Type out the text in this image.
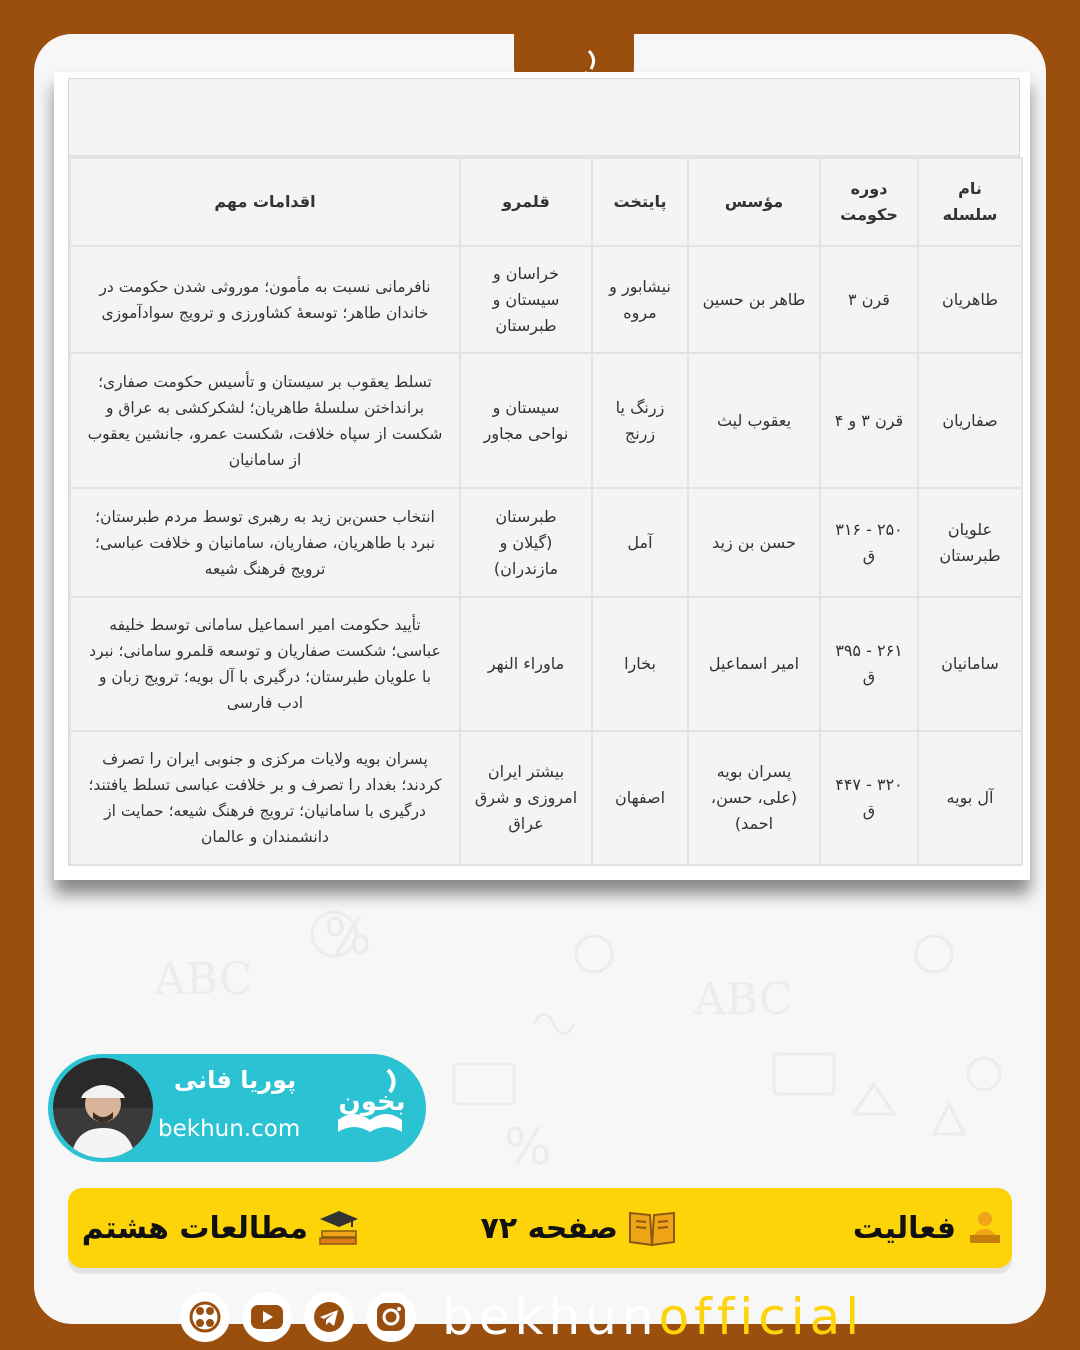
ABC	ABC
%
%
نام سلسله	دوره حکومت	مؤسس	پایتخت	قلمرو	اقدامات مهم
طاهریان	قرن ۳	طاهر بن حسین	نیشابور و مروه	خراسان و سیستان و طبرستان	نافرمانی نسبت به مأمون؛ موروثی شدن حکومت در خاندان طاهر؛ توسعهٔ کشاورزی و ترویج سوادآموزی
صفاریان	قرن ۳ و ۴	یعقوب لیث	زرنگ یا زرنج	سیستان و نواحی مجاور	تسلط یعقوب بر سیستان و تأسیس حکومت صفاری؛ برانداختن سلسلهٔ طاهریان؛ لشکرکشی به عراق و شکست از سپاه خلافت، شکست عمرو، جانشین یعقوب از سامانیان
علویان طبرستان	۲۵۰ - ۳۱۶ ق	حسن بن زید	آمل	طبرستان (گیلان و مازندران)	انتخاب حسن‌بن زید به رهبری توسط مردم طبرستان؛ نبرد با طاهریان، صفاریان، سامانیان و خلافت عباسی؛ ترویج فرهنگ شیعه
سامانیان	۲۶۱ - ۳۹۵ ق	امیر اسماعیل	بخارا	ماوراء النهر	تأیید حکومت امیر اسماعیل سامانی توسط خلیفه عباسی؛ شکست صفاریان و توسعه قلمرو سامانی؛ نبرد با علویان طبرستان؛ درگیری با آل بویه؛ ترویج زبان و ادب فارسی
آل بویه	۳۲۰ - ۴۴۷ ق	پسران بویه (علی، حسن، احمد)	اصفهان	بیشتر ایران امروزی و شرق عراق	پسران بویه ولایات مرکزی و جنوبی ایران را تصرف کردند؛ بغداد را تصرف و بر خلافت عباسی تسلط یافتند؛ درگیری با سامانیان؛ ترویج فرهنگ شیعه؛ حمایت از دانشمندان و عالمان
پوریا فانی
bekhun.com
بخون
فعالیت
صفحه ۷۲
مطالعات هشتم
bekhunofficial
